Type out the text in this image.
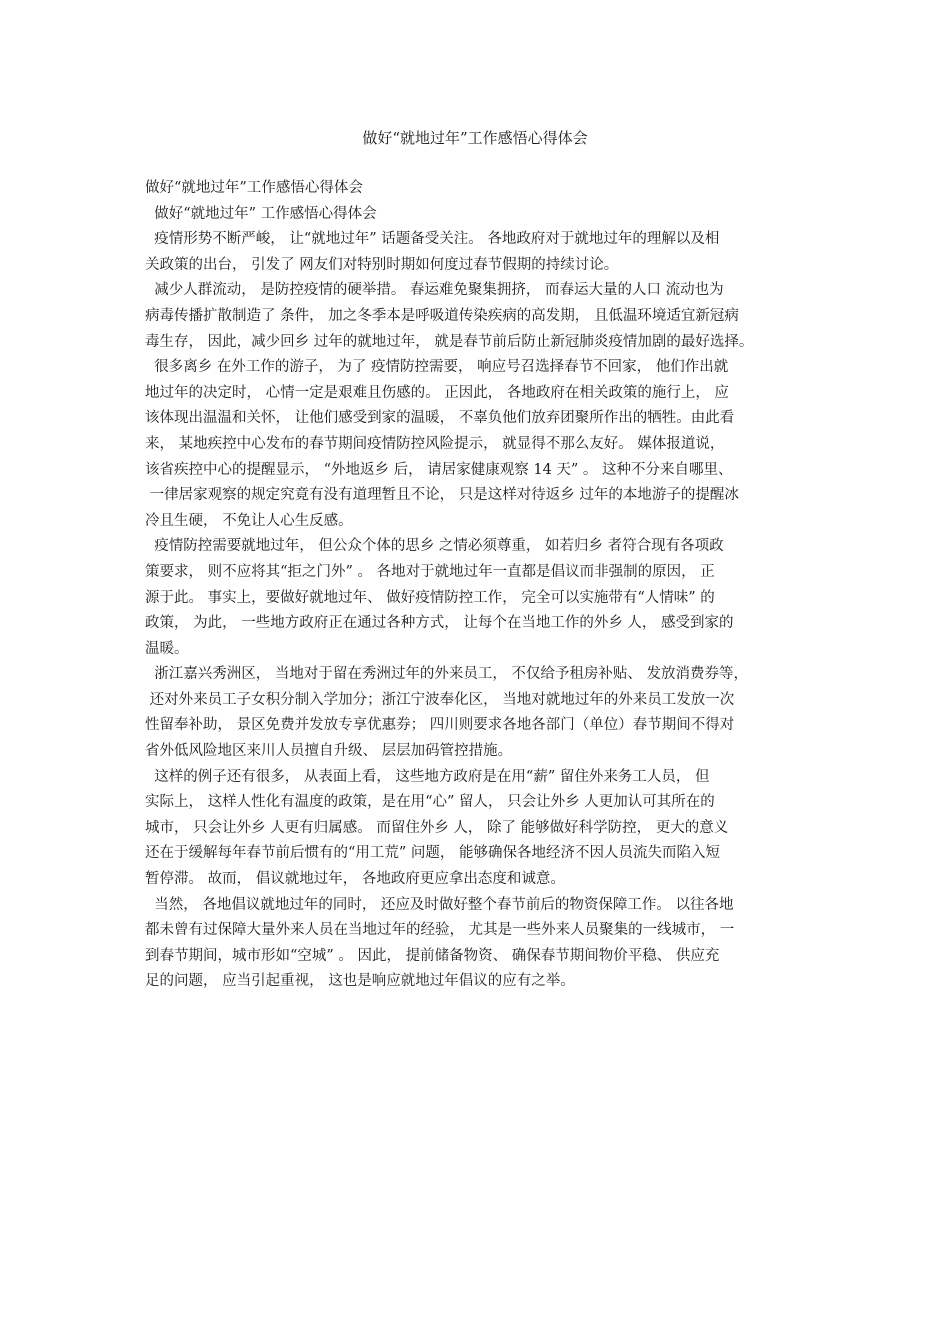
做好“就地过年”工作感悟心得体会
做好“就地过年”工作感悟心得体会
做好“就地过年” 工作感悟心得体会
疫情形势不断严峻， 让“就地过年” 话题备受关注。 各地政府对于就地过年的理解以及相
关政策的出台， 引发了 网友们对特别时期如何度过春节假期的持续讨论。
减少人群流动， 是防控疫情的硬举措。 春运难免聚集拥挤， 而春运大量的人口 流动也为
病毒传播扩散制造了 条件， 加之冬季本是呼吸道传染疾病的高发期， 且低温环境适宜新冠病
毒生存， 因此，减少回乡 过年的就地过年， 就是春节前后防止新冠肺炎疫情加剧的最好选择。
很多离乡 在外工作的游子， 为了 疫情防控需要， 响应号召选择春节不回家， 他们作出就
地过年的决定时， 心情一定是艰难且伤感的。 正因此， 各地政府在相关政策的施行上， 应
该体现出温温和关怀， 让他们感受到家的温暖， 不辜负他们放弃团聚所作出的牺牲。由此看
来， 某地疾控中心发布的春节期间疫情防控风险提示， 就显得不那么友好。 媒体报道说，
该省疾控中心的提醒显示， “外地返乡 后， 请居家健康观察 14 天” 。 这种不分来自哪里、
一律居家观察的规定究竟有没有道理暂且不论， 只是这样对待返乡 过年的本地游子的提醒冰
冷且生硬， 不免让人心生反感。
疫情防控需要就地过年， 但公众个体的思乡 之情必须尊重， 如若归乡 者符合现有各项政
策要求， 则不应将其“拒之门外” 。 各地对于就地过年一直都是倡议而非强制的原因， 正
源于此。 事实上，要做好就地过年、 做好疫情防控工作， 完全可以实施带有“人情味” 的
政策， 为此， 一些地方政府正在通过各种方式， 让每个在当地工作的外乡 人， 感受到家的
温暖。
浙江嘉兴秀洲区， 当地对于留在秀洲过年的外来员工， 不仅给予租房补贴、 发放消费券等，
还对外来员工子女积分制入学加分；浙江宁波奉化区， 当地对就地过年的外来员工发放一次
性留奉补助， 景区免费并发放专享优惠券； 四川则要求各地各部门（单位）春节期间不得对
省外低风险地区来川人员擅自升级、 层层加码管控措施。
这样的例子还有很多， 从表面上看， 这些地方政府是在用“薪” 留住外来务工人员， 但
实际上， 这样人性化有温度的政策，是在用“心” 留人， 只会让外乡 人更加认可其所在的
城市， 只会让外乡 人更有归属感。 而留住外乡 人， 除了 能够做好科学防控， 更大的意义
还在于缓解每年春节前后惯有的“用工荒” 问题， 能够确保各地经济不因人员流失而陷入短
暂停滞。 故而， 倡议就地过年， 各地政府更应拿出态度和诚意。
当然， 各地倡议就地过年的同时， 还应及时做好整个春节前后的物资保障工作。 以往各地
都未曾有过保障大量外来人员在当地过年的经验， 尤其是一些外来人员聚集的一线城市， 一
到春节期间，城市形如“空城” 。 因此， 提前储备物资、 确保春节期间物价平稳、 供应充
足的问题， 应当引起重视， 这也是响应就地过年倡议的应有之举。
